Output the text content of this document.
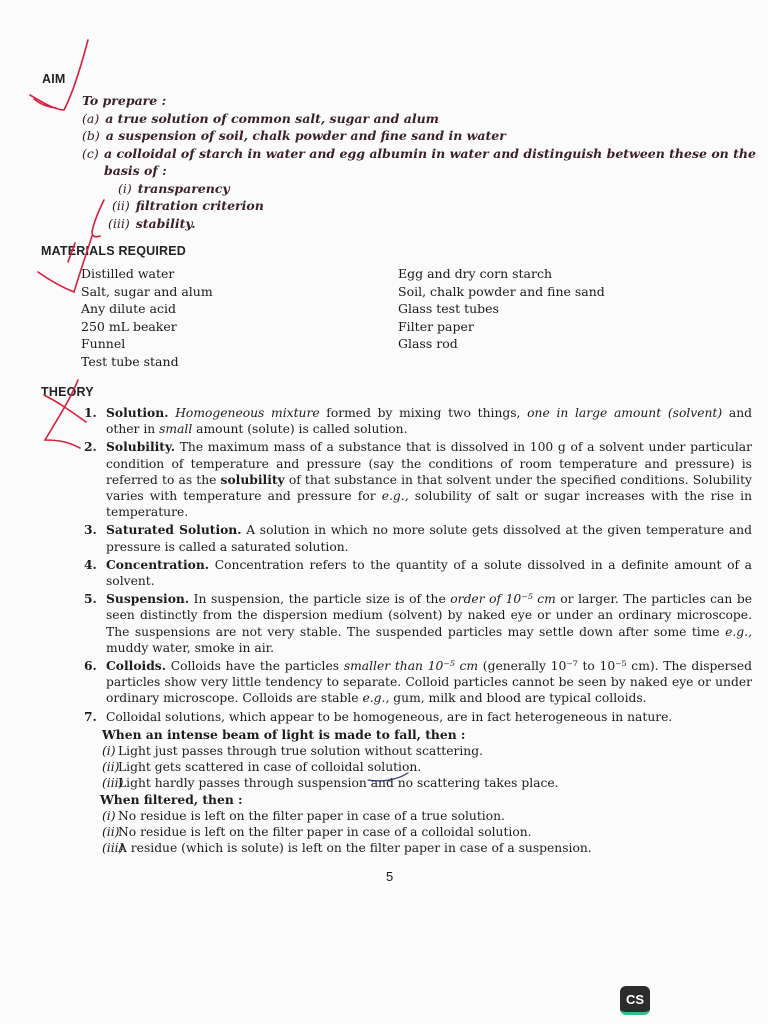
AIM
To prepare :
(a) a true solution of common salt, sugar and alum
(b) a suspension of soil, chalk powder and fine sand in water
(c) a colloidal of starch in water and egg albumin in water and distinguish between these on the basis of :
(i) transparency
(ii) filtration criterion
(iii) stability.
MATERIALS REQUIRED
Distilled water
Salt, sugar and alum
Any dilute acid
250 mL beaker
Funnel
Test tube stand
Egg and dry corn starch
Soil, chalk powder and fine sand
Glass test tubes
Filter paper
Glass rod
THEORY
1. Solution. Homogeneous mixture formed by mixing two things, one in large amount (solvent) and other in small amount (solute) is called solution.
2. Solubility. The maximum mass of a substance that is dissolved in 100 g of a solvent under particular condition of temperature and pressure (say the conditions of room temperature and pressure) is referred to as the solubility of that substance in that solvent under the specified conditions. Solubility varies with temperature and pressure for e.g., solubility of salt or sugar increases with the rise in temperature.
3. Saturated Solution. A solution in which no more solute gets dissolved at the given temperature and pressure is called a saturated solution.
4. Concentration. Concentration refers to the quantity of a solute dissolved in a definite amount of a solvent.
5. Suspension. In suspension, the particle size is of the order of 10⁻⁵ cm or larger. The particles can be seen distinctly from the dispersion medium (solvent) by naked eye or under an ordinary microscope. The suspensions are not very stable. The suspended particles may settle down after some time e.g., muddy water, smoke in air.
6. Colloids. Colloids have the particles smaller than 10⁻⁵ cm (generally 10⁻⁷ to 10⁻⁵ cm). The dispersed particles show very little tendency to separate. Colloid particles cannot be seen by naked eye or under ordinary microscope. Colloids are stable e.g., gum, milk and blood are typical colloids.
7. Colloidal solutions, which appear to be homogeneous, are in fact heterogeneous in nature.
When an intense beam of light is made to fall, then :
(i) Light just passes through true solution without scattering.
(ii)
Light gets scattered in case of colloidal solution.
(iii)
Light hardly passes through suspension and no scattering takes place.
When filtered, then :
(i) No residue is left on the filter paper in case of a true solution.
(ii)
No residue is left on the filter paper in case of a colloidal solution.
(iii)
A residue (which is solute) is left on the filter paper in case of a suspension.
5
CS
